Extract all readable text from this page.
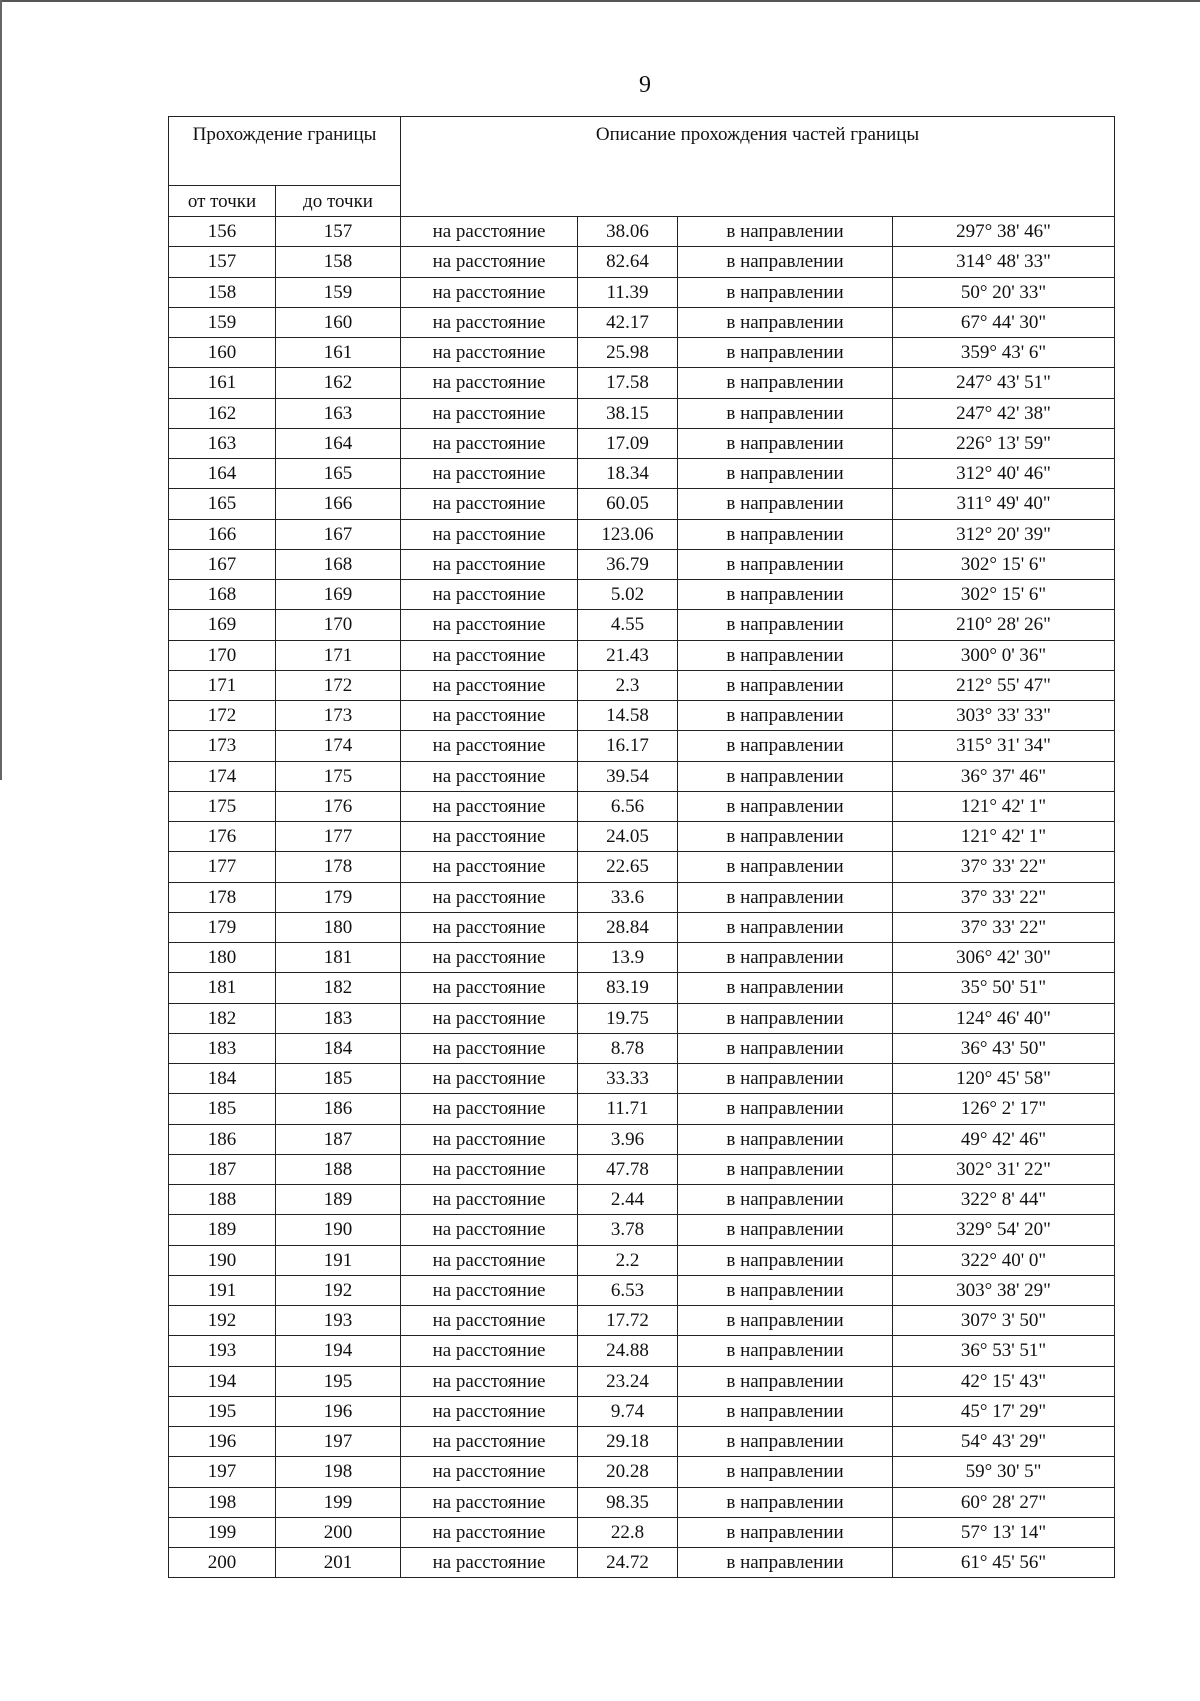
9
Прохождение границы		Описание прохождения частей границы			
от точки	до точки				
156	157	на расстояние	38.06	в направлении	297° 38' 46"
157	158	на расстояние	82.64	в направлении	314° 48' 33"
158	159	на расстояние	11.39	в направлении	50° 20' 33"
159	160	на расстояние	42.17	в направлении	67° 44' 30"
160	161	на расстояние	25.98	в направлении	359° 43' 6"
161	162	на расстояние	17.58	в направлении	247° 43' 51"
162	163	на расстояние	38.15	в направлении	247° 42' 38"
163	164	на расстояние	17.09	в направлении	226° 13' 59"
164	165	на расстояние	18.34	в направлении	312° 40' 46"
165	166	на расстояние	60.05	в направлении	311° 49' 40"
166	167	на расстояние	123.06	в направлении	312° 20' 39"
167	168	на расстояние	36.79	в направлении	302° 15' 6"
168	169	на расстояние	5.02	в направлении	302° 15' 6"
169	170	на расстояние	4.55	в направлении	210° 28' 26"
170	171	на расстояние	21.43	в направлении	300° 0' 36"
171	172	на расстояние	2.3	в направлении	212° 55' 47"
172	173	на расстояние	14.58	в направлении	303° 33' 33"
173	174	на расстояние	16.17	в направлении	315° 31' 34"
174	175	на расстояние	39.54	в направлении	36° 37' 46"
175	176	на расстояние	6.56	в направлении	121° 42' 1"
176	177	на расстояние	24.05	в направлении	121° 42' 1"
177	178	на расстояние	22.65	в направлении	37° 33' 22"
178	179	на расстояние	33.6	в направлении	37° 33' 22"
179	180	на расстояние	28.84	в направлении	37° 33' 22"
180	181	на расстояние	13.9	в направлении	306° 42' 30"
181	182	на расстояние	83.19	в направлении	35° 50' 51"
182	183	на расстояние	19.75	в направлении	124° 46' 40"
183	184	на расстояние	8.78	в направлении	36° 43' 50"
184	185	на расстояние	33.33	в направлении	120° 45' 58"
185	186	на расстояние	11.71	в направлении	126° 2' 17"
186	187	на расстояние	3.96	в направлении	49° 42' 46"
187	188	на расстояние	47.78	в направлении	302° 31' 22"
188	189	на расстояние	2.44	в направлении	322° 8' 44"
189	190	на расстояние	3.78	в направлении	329° 54' 20"
190	191	на расстояние	2.2	в направлении	322° 40' 0"
191	192	на расстояние	6.53	в направлении	303° 38' 29"
192	193	на расстояние	17.72	в направлении	307° 3' 50"
193	194	на расстояние	24.88	в направлении	36° 53' 51"
194	195	на расстояние	23.24	в направлении	42° 15' 43"
195	196	на расстояние	9.74	в направлении	45° 17' 29"
196	197	на расстояние	29.18	в направлении	54° 43' 29"
197	198	на расстояние	20.28	в направлении	59° 30' 5"
198	199	на расстояние	98.35	в направлении	60° 28' 27"
199	200	на расстояние	22.8	в направлении	57° 13' 14"
200	201	на расстояние	24.72	в направлении	61° 45' 56"
